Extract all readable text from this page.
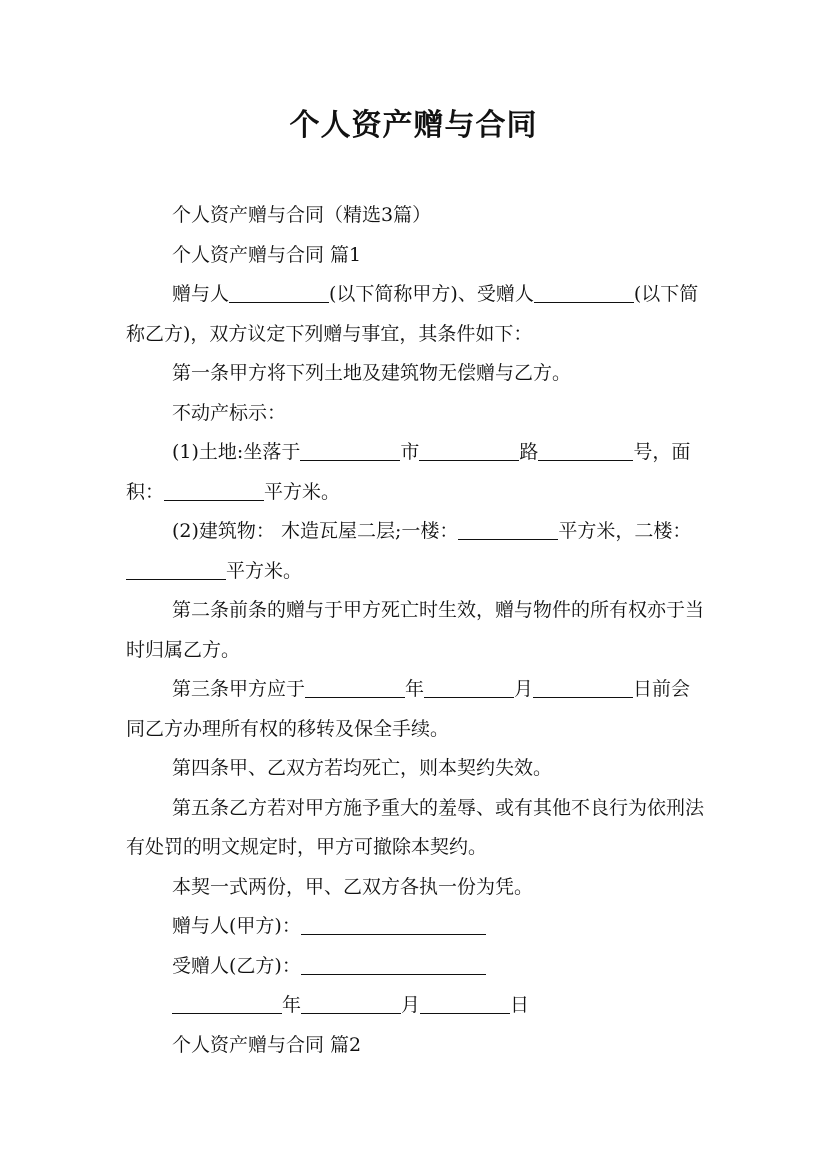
个人资产赠与合同

个人资产赠与合同（精选3篇）

个人资产赠与合同 篇1

赠与人	(以下简称甲方)、受赠人	(以下简称乙方)，双方议定下列赠与事宜，其条件如下：

第一条甲方将下列土地及建筑物无偿赠与乙方。

不动产标示：

(1)土地:坐落于	市	路	号，面积：	平方米。

(2)建筑物： 木造瓦屋二层;一楼：	平方米，二楼：平方米。

第二条前条的赠与于甲方死亡时生效，赠与物件的所有权亦于当时归属乙方。

第三条甲方应于	年	月	日前会同乙方办理所有权的移转及保全手续。

第四条甲、乙双方若均死亡，则本契约失效。

第五条乙方若对甲方施予重大的羞辱、或有其他不良行为依刑法有处罚的明文规定时，甲方可撤除本契约。

本契一式两份，甲、乙双方各执一份为凭。

赠与人(甲方)：

受赠人(乙方)：

年	月	日

个人资产赠与合同 篇2
